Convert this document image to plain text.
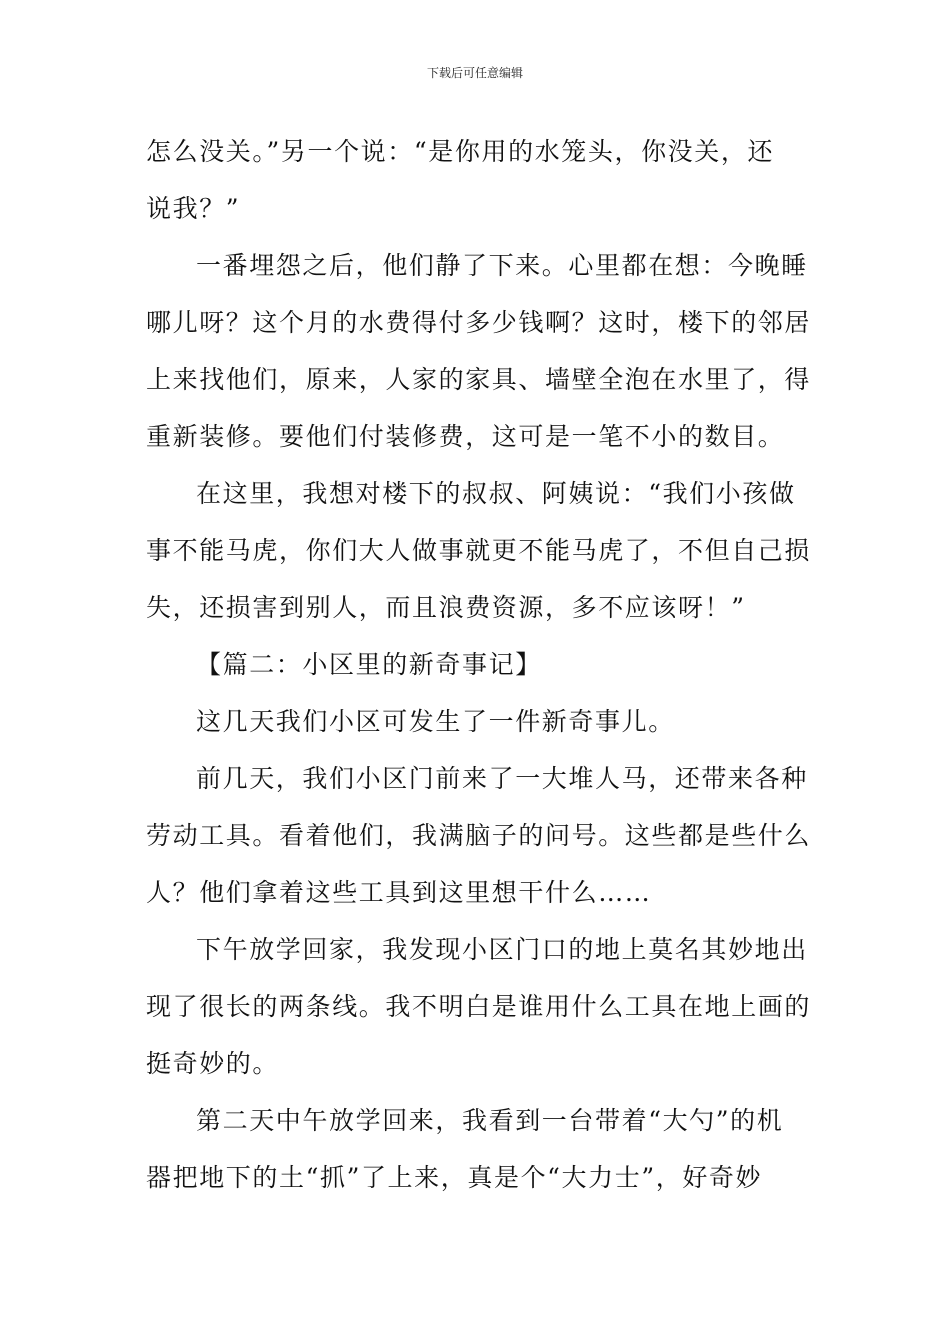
下载后可任意编辑
怎么没关。”另一个说：“是你用的水笼头，你没关，还
说我？”
一番埋怨之后，他们静了下来。心里都在想：今晚睡
哪儿呀？这个月的水费得付多少钱啊？这时，楼下的邻居
上来找他们，原来，人家的家具、墙壁全泡在水里了，得
重新装修。要他们付装修费，这可是一笔不小的数目。
在这里，我想对楼下的叔叔、阿姨说：“我们小孩做
事不能马虎，你们大人做事就更不能马虎了，不但自己损
失，还损害到别人，而且浪费资源，多不应该呀！”
【篇二：小区里的新奇事记】
这几天我们小区可发生了一件新奇事儿。
前几天，我们小区门前来了一大堆人马，还带来各种
劳动工具。看着他们，我满脑子的问号。这些都是些什么
人？他们拿着这些工具到这里想干什么……
下午放学回家，我发现小区门口的地上莫名其妙地出
现了很长的两条线。我不明白是谁用什么工具在地上画的
挺奇妙的。
第二天中午放学回来，我看到一台带着“大勺”的机
器把地下的土“抓”了上来，真是个“大力士”，好奇妙
